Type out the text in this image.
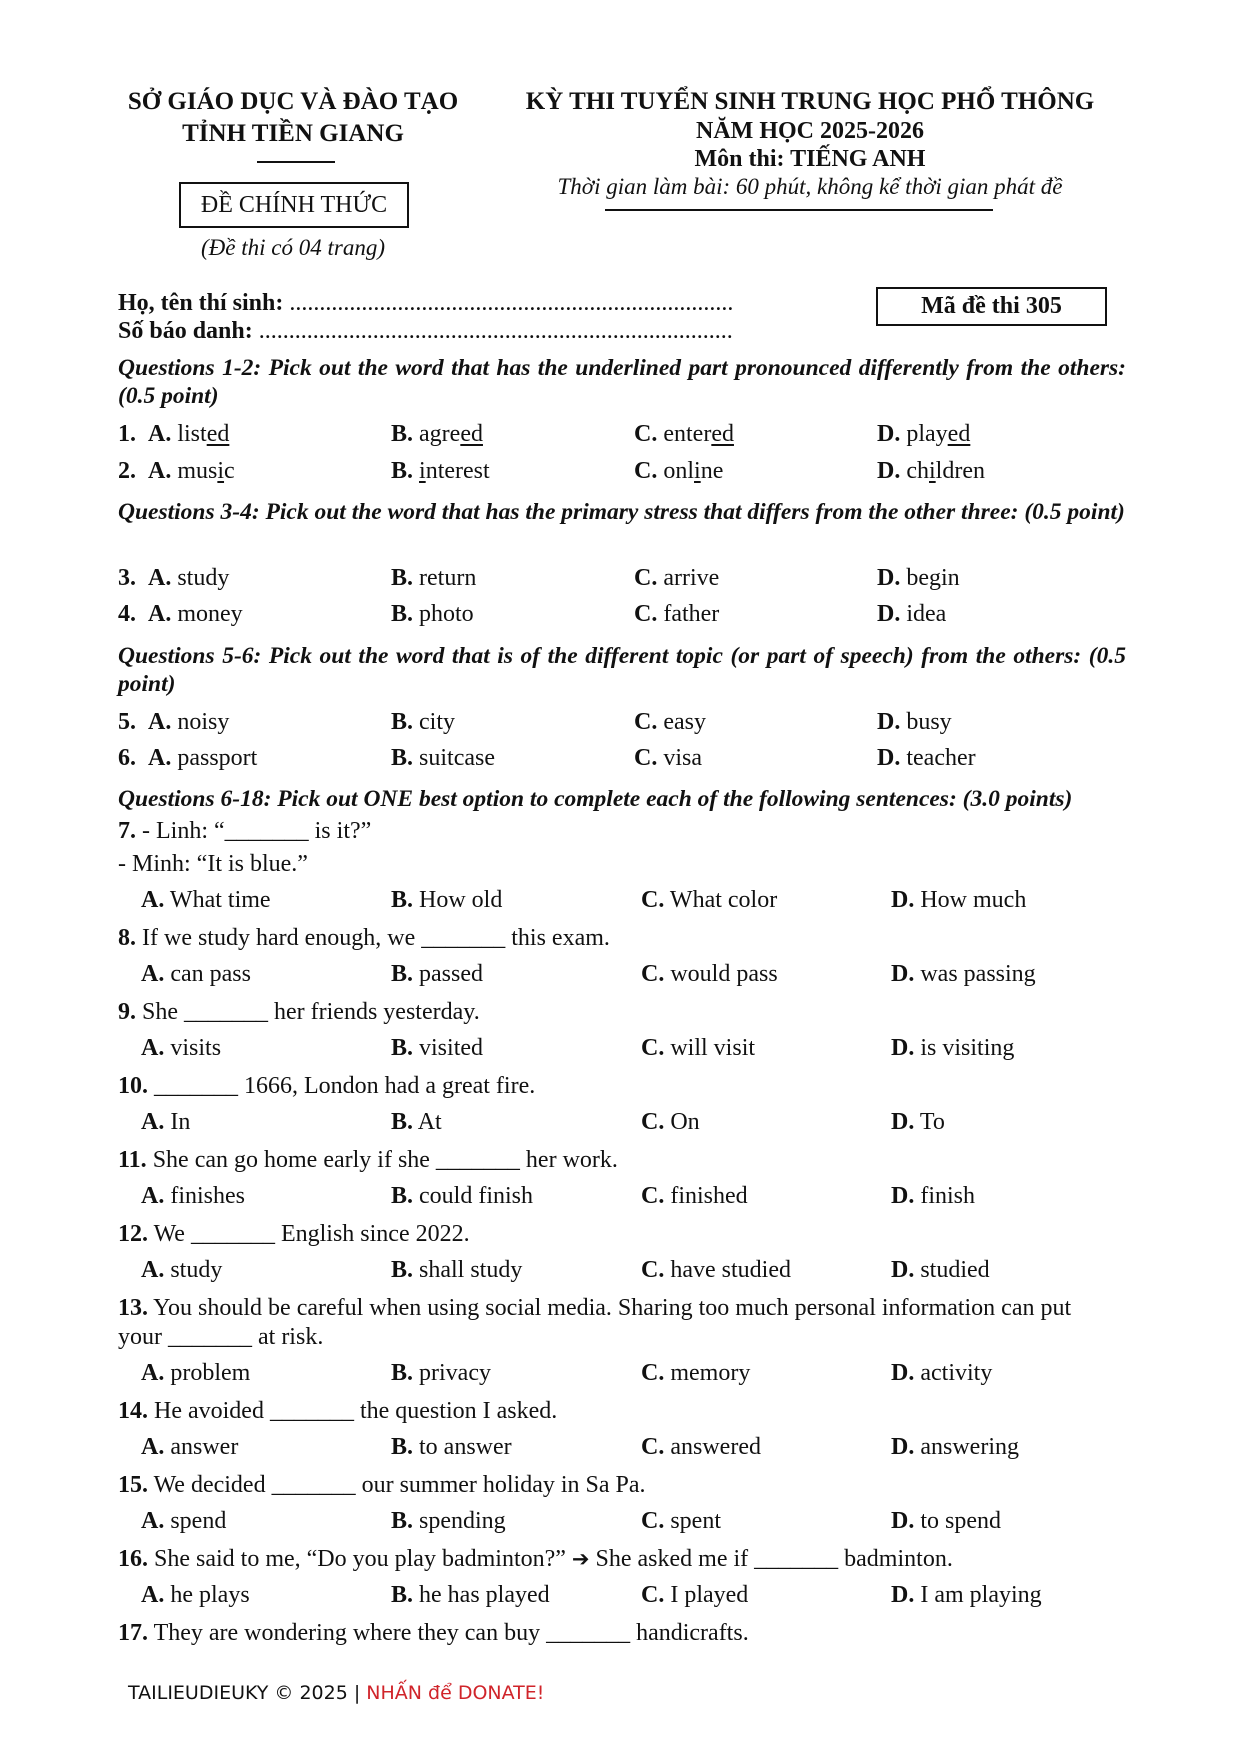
SỞ GIÁO DỤC VÀ ĐÀO TẠO
TỈNH TIỀN GIANG
ĐỀ CHÍNH THỨC
(Đề thi có 04 trang)
KỲ THI TUYỂN SINH TRUNG HỌC PHỔ THÔNG
NĂM HỌC 2025-2026
Môn thi: TIẾNG ANH
Thời gian làm bài: 60 phút, không kể thời gian phát đề
Họ, tên thí sinh: ..........................................................................
Số báo danh: ...............................................................................
Mã đề thi 305
Questions 1-2: Pick out the word that has the underlined part pronounced differently from the others: (0.5 point)
1. A. listed	B. agreed	C. entered	D. played
2. A. music	B. interest	C. online	D. children
Questions 3-4: Pick out the word that has the primary stress that differs from the other three: (0.5 point)
3. A. study	B. return	C. arrive	D. begin
4. A. money	B. photo	C. father	D. idea
Questions 5-6: Pick out the word that is of the different topic (or part of speech) from the others: (0.5 point)
5. A. noisy	B. city	C. easy	D. busy
6. A. passport	B. suitcase	C. visa	D. teacher
Questions 6-18: Pick out ONE best option to complete each of the following sentences: (3.0 points)
7. - Linh: “_______ is it?”
- Minh: “It is blue.”
A. What time	B. How old	C. What color	D. How much
8. If we study hard enough, we _______ this exam.
A. can pass	B. passed	C. would pass	D. was passing
9. She _______ her friends yesterday.
A. visits	B. visited	C. will visit	D. is visiting
10. _______ 1666, London had a great fire.
A. In	B. At	C. On	D. To
11. She can go home early if she _______ her work.
A. finishes	B. could finish	C. finished	D. finish
12. We _______ English since 2022.
A. study	B. shall study	C. have studied	D. studied
13. You should be careful when using social media. Sharing too much personal information can put
your _______ at risk.
A. problem	B. privacy	C. memory	D. activity
14. He avoided _______ the question I asked.
A. answer	B. to answer	C. answered	D. answering
15. We decided _______ our summer holiday in Sa Pa.
A. spend	B. spending	C. spent	D. to spend
16. She said to me, “Do you play badminton?” ➔ She asked me if _______ badminton.
A. he plays	B. he has played	C. I played	D. I am playing
17. They are wondering where they can buy _______ handicrafts.
TAILIEUDIEUKY © 2025 | NHẤN để DONATE!
